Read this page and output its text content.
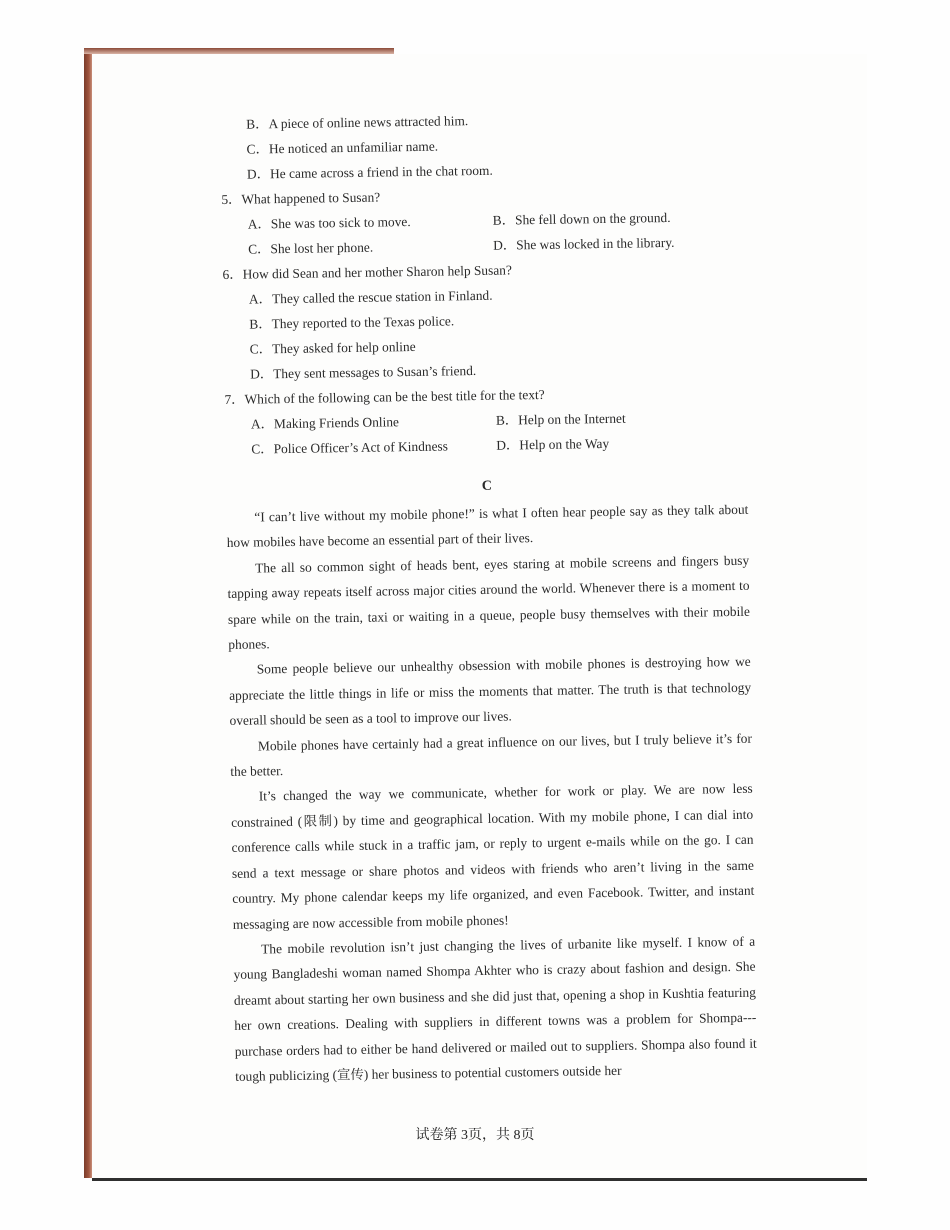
B．A piece of online news attracted him.
C．He noticed an unfamiliar name.
D．He came across a friend in the chat room.
5．What happened to Susan?
A．She was too sick to move.	B．She fell down on the ground.
C．She lost her phone.	D．She was locked in the library.
6．How did Sean and her mother Sharon help Susan?
A．They called the rescue station in Finland.
B．They reported to the Texas police.
C．They asked for help online
D．They sent messages to Susan’s friend.
7．Which of the following can be the best title for the text?
A．Making Friends Online	B．Help on the Internet
C．Police Officer’s Act of Kindness	D．Help on the Way
C

“I can’t live without my mobile phone!” is what I often hear people say as they talk about how mobiles have become an essential part of their lives.

The all so common sight of heads bent, eyes staring at mobile screens and fingers busy tapping away repeats itself across major cities around the world. Whenever there is a moment to spare while on the train, taxi or waiting in a queue, people busy themselves with their mobile phones.

Some people believe our unhealthy obsession with mobile phones is destroying how we appreciate the little things in life or miss the moments that matter. The truth is that technology overall should be seen as a tool to improve our lives.

Mobile phones have certainly had a great influence on our lives, but I truly believe it’s for the better.

It’s changed the way we communicate, whether for work or play. We are now less constrained (限制) by time and geographical location. With my mobile phone, I can dial into conference calls while stuck in a traffic jam, or reply to urgent e-mails while on the go. I can send a text message or share photos and videos with friends who aren’t living in the same country. My phone calendar keeps my life organized, and even Facebook. Twitter, and instant messaging are now accessible from mobile phones!

The mobile revolution isn’t just changing the lives of urbanite like myself. I know of a young Bangladeshi woman named Shompa Akhter who is crazy about fashion and design. She dreamt about starting her own business and she did just that, opening a shop in Kushtia featuring her own creations. Dealing with suppliers in different towns was a problem for Shompa---purchase orders had to either be hand delivered or mailed out to suppliers. Shompa also found it tough publicizing (宣传) her business to potential customers outside her

试卷第 3页，共 8页
